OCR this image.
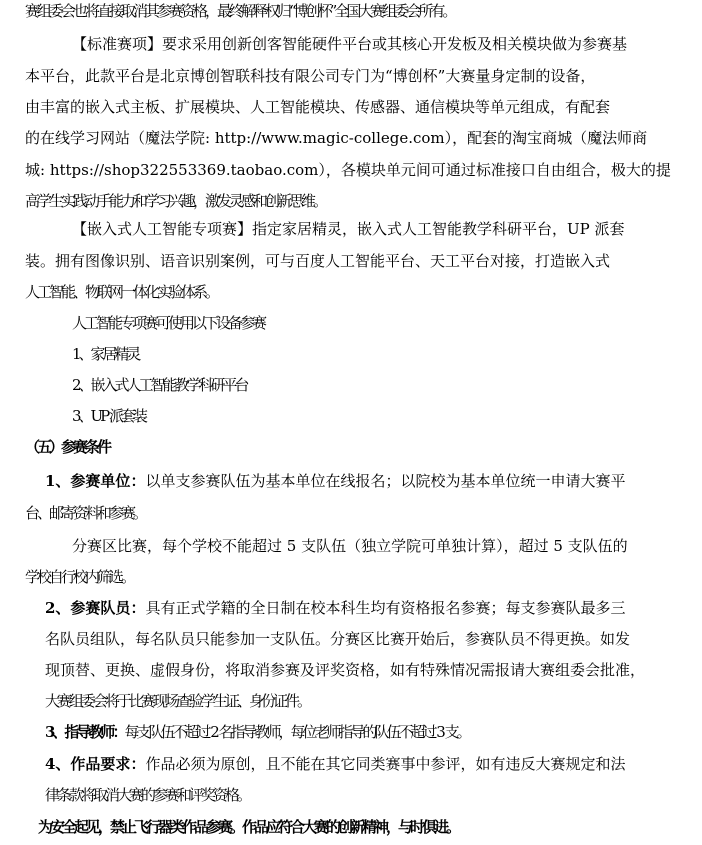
赛组委会也将直接取消其参赛资格，最终解释权归“博创杯”全国大赛组委会所有。
【标准赛项】要求采用创新创客智能硬件平台或其核心开发板及相关模块做为参赛基
本平台，此款平台是北京博创智联科技有限公司专门为“博创杯”大赛量身定制的设备，
由丰富的嵌入式主板、扩展模块、人工智能模块、传感器、通信模块等单元组成，有配套
的在线学习网站（魔法学院: http://www.magic-college.com），配套的淘宝商城（魔法师商
城: https://shop322553369.taobao.com），各模块单元间可通过标准接口自由组合，极大的提
高学生实践动手能力和学习兴趣，激发灵感和创新思维。
【嵌入式人工智能专项赛】指定家居精灵，嵌入式人工智能教学科研平台，UP 派套
装。拥有图像识别、语音识别案例，可与百度人工智能平台、天工平台对接，打造嵌入式
人工智能、物联网一体化实验体系。
人工智能专项赛可使用以下设备参赛
1、家居精灵
2、嵌入式人工智能教学科研平台
3、UP 派套装
（五）参赛条件
1、参赛单位：以单支参赛队伍为基本单位在线报名；以院校为基本单位统一申请大赛平
台、邮寄资料和参赛。
分赛区比赛，每个学校不能超过 5 支队伍（独立学院可单独计算），超过 5 支队伍的
学校自行校内筛选。
2、参赛队员：具有正式学籍的全日制在校本科生均有资格报名参赛；每支参赛队最多三
名队员组队，每名队员只能参加一支队伍。分赛区比赛开始后，参赛队员不得更换。如发
现顶替、更换、虚假身份，将取消参赛及评奖资格，如有特殊情况需报请大赛组委会批准，
大赛组委会将于比赛现场查验学生证、身份证件。
3、指导教师：每支队伍不超过 2 名指导教师，每位老师指导的队伍不超过 3 支。
4、作品要求：作品必须为原创，且不能在其它同类赛事中参评，如有违反大赛规定和法
律条款将取消大赛的参赛和评奖资格。
为安全起见，禁止飞行器类作品参赛。作品应符合大赛的创新精神，与时俱进。
